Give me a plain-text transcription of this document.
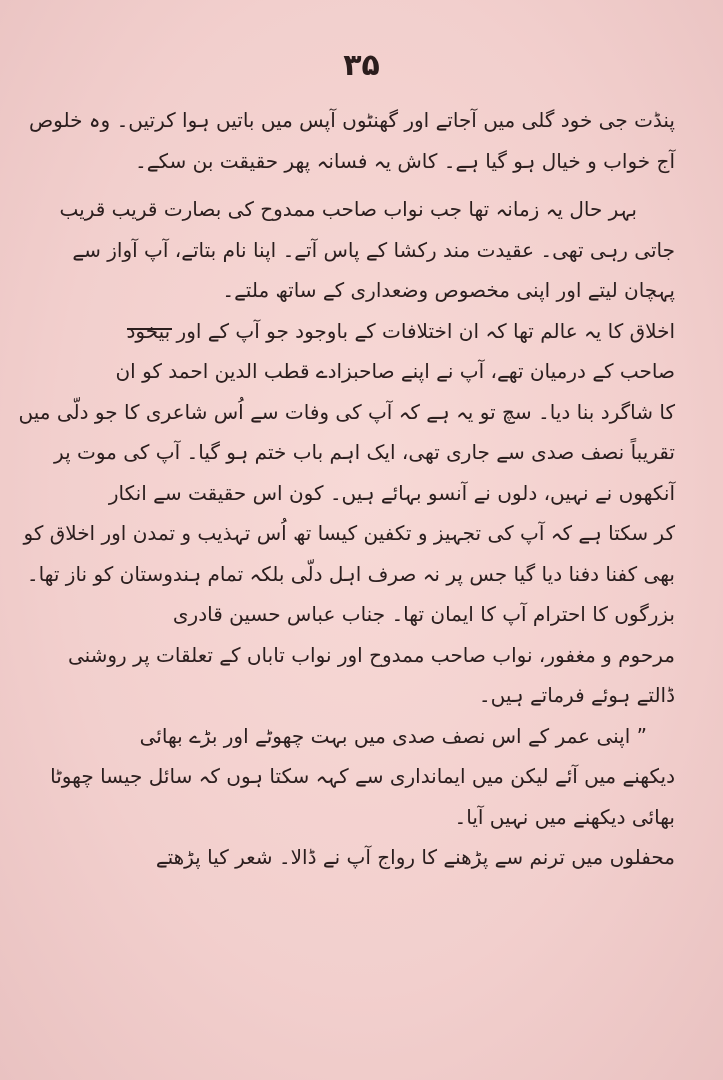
۳۵
پنڈت جی خود گلی میں آجاتے اور گھنٹوں آپس میں باتیں ہوا کرتیں۔ وہ خلوص
آج خواب و خیال ہو گیا ہے۔ کاش یہ فسانہ پھر حقیقت بن سکے۔
بہر حال یہ زمانہ تھا جب نواب صاحب ممدوح کی بصارت قریب قریب
جاتی رہی تھی۔ عقیدت مند رکشا کے پاس آتے۔ اپنا نام بتاتے، آپ آواز سے
پہچان لیتے اور اپنی مخصوص وضعداری کے ساتھ ملتے۔
اخلاق کا یہ عالم تھا کہ ان اختلافات کے باوجود جو آپ کے اور بیخود
صاحب کے درمیان تھے، آپ نے اپنے صاحبزادے قطب الدین احمد کو ان
کا شاگرد بنا دیا۔ سچ تو یہ ہے کہ آپ کی وفات سے اُس شاعری کا جو دلّی میں
تقریباً نصف صدی سے جاری تھی، ایک اہم باب ختم ہو گیا۔ آپ کی موت پر
آنکھوں نے نہیں، دلوں نے آنسو بہائے ہیں۔ کون اس حقیقت سے انکار
کر سکتا ہے کہ آپ کی تجہیز و تکفین کیسا تھ اُس تہذیب و تمدن اور اخلاق کو
بھی کفنا دفنا دیا گیا جس پر نہ صرف اہل دلّی بلکہ تمام ہندوستان کو ناز تھا۔
بزرگوں کا احترام آپ کا ایمان تھا۔ جناب عباس حسین قادری
مرحوم و مغفور، نواب صاحب ممدوح اور نواب تاباں کے تعلقات پر روشنی
ڈالتے ہوئے فرماتے ہیں۔
” اپنی عمر کے اس نصف صدی میں بہت چھوٹے اور بڑے بھائی
دیکھنے میں آئے لیکن میں ایمانداری سے کہہ سکتا ہوں کہ سائل جیسا چھوٹا
بھائی دیکھنے میں نہیں آیا۔
محفلوں میں ترنم سے پڑھنے کا رواج آپ نے ڈالا۔ شعر کیا پڑھتے
